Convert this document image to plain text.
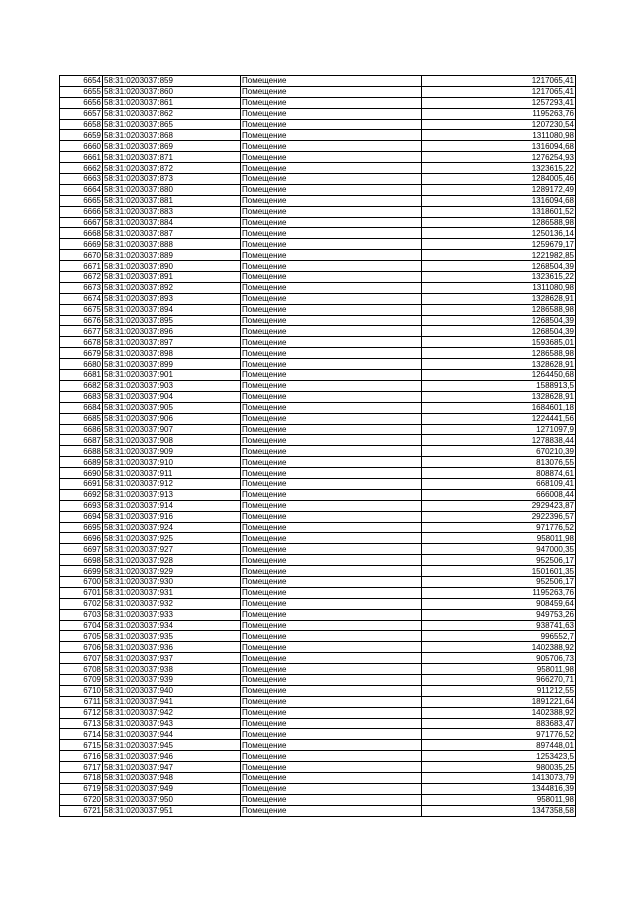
6654	58:31:0203037:859	Помещение	1217065,41
6655	58:31:0203037:860	Помещение	1217065,41
6656	58:31:0203037:861	Помещение	1257293,41
6657	58:31:0203037:862	Помещение	1195263,76
6658	58:31:0203037:865	Помещение	1207230,54
6659	58:31:0203037:868	Помещение	1311080,98
6660	58:31:0203037:869	Помещение	1316094,68
6661	58:31:0203037:871	Помещение	1276254,93
6662	58:31:0203037:872	Помещение	1323615,22
6663	58:31:0203037:873	Помещение	1284005,46
6664	58:31:0203037:880	Помещение	1289172,49
6665	58:31:0203037:881	Помещение	1316094,68
6666	58:31:0203037:883	Помещение	1318601,52
6667	58:31:0203037:884	Помещение	1286588,98
6668	58:31:0203037:887	Помещение	1250136,14
6669	58:31:0203037:888	Помещение	1259679,17
6670	58:31:0203037:889	Помещение	1221982,85
6671	58:31:0203037:890	Помещение	1268504,39
6672	58:31:0203037:891	Помещение	1323615,22
6673	58:31:0203037:892	Помещение	1311080,98
6674	58:31:0203037:893	Помещение	1328628,91
6675	58:31:0203037:894	Помещение	1286588,98
6676	58:31:0203037:895	Помещение	1268504,39
6677	58:31:0203037:896	Помещение	1268504,39
6678	58:31:0203037:897	Помещение	1593685,01
6679	58:31:0203037:898	Помещение	1286588,98
6680	58:31:0203037:899	Помещение	1328628,91
6681	58:31:0203037:901	Помещение	1264450,68
6682	58:31:0203037:903	Помещение	1588913,5
6683	58:31:0203037:904	Помещение	1328628,91
6684	58:31:0203037:905	Помещение	1684601,18
6685	58:31:0203037:906	Помещение	1224441,56
6686	58:31:0203037:907	Помещение	1271097,9
6687	58:31:0203037:908	Помещение	1278838,44
6688	58:31:0203037:909	Помещение	670210,39
6689	58:31:0203037:910	Помещение	813076,55
6690	58:31:0203037:911	Помещение	808874,61
6691	58:31:0203037:912	Помещение	668109,41
6692	58:31:0203037:913	Помещение	666008,44
6693	58:31:0203037:914	Помещение	2929423,87
6694	58:31:0203037:916	Помещение	2922396,57
6695	58:31:0203037:924	Помещение	971776,52
6696	58:31:0203037:925	Помещение	958011,98
6697	58:31:0203037:927	Помещение	947000,35
6698	58:31:0203037:928	Помещение	952506,17
6699	58:31:0203037:929	Помещение	1501601,35
6700	58:31:0203037:930	Помещение	952506,17
6701	58:31:0203037:931	Помещение	1195263,76
6702	58:31:0203037:932	Помещение	908459,64
6703	58:31:0203037:933	Помещение	949753,26
6704	58:31:0203037:934	Помещение	938741,63
6705	58:31:0203037:935	Помещение	996552,7
6706	58:31:0203037:936	Помещение	1402388,92
6707	58:31:0203037:937	Помещение	905706,73
6708	58:31:0203037:938	Помещение	958011,98
6709	58:31:0203037:939	Помещение	966270,71
6710	58:31:0203037:940	Помещение	911212,55
6711	58:31:0203037:941	Помещение	1891221,64
6712	58:31:0203037:942	Помещение	1402388,92
6713	58:31:0203037:943	Помещение	883683,47
6714	58:31:0203037:944	Помещение	971776,52
6715	58:31:0203037:945	Помещение	897448,01
6716	58:31:0203037:946	Помещение	1253423,5
6717	58:31:0203037:947	Помещение	980035,25
6718	58:31:0203037:948	Помещение	1413073,79
6719	58:31:0203037:949	Помещение	1344816,39
6720	58:31:0203037:950	Помещение	958011,98
6721	58:31:0203037:951	Помещение	1347358,58
